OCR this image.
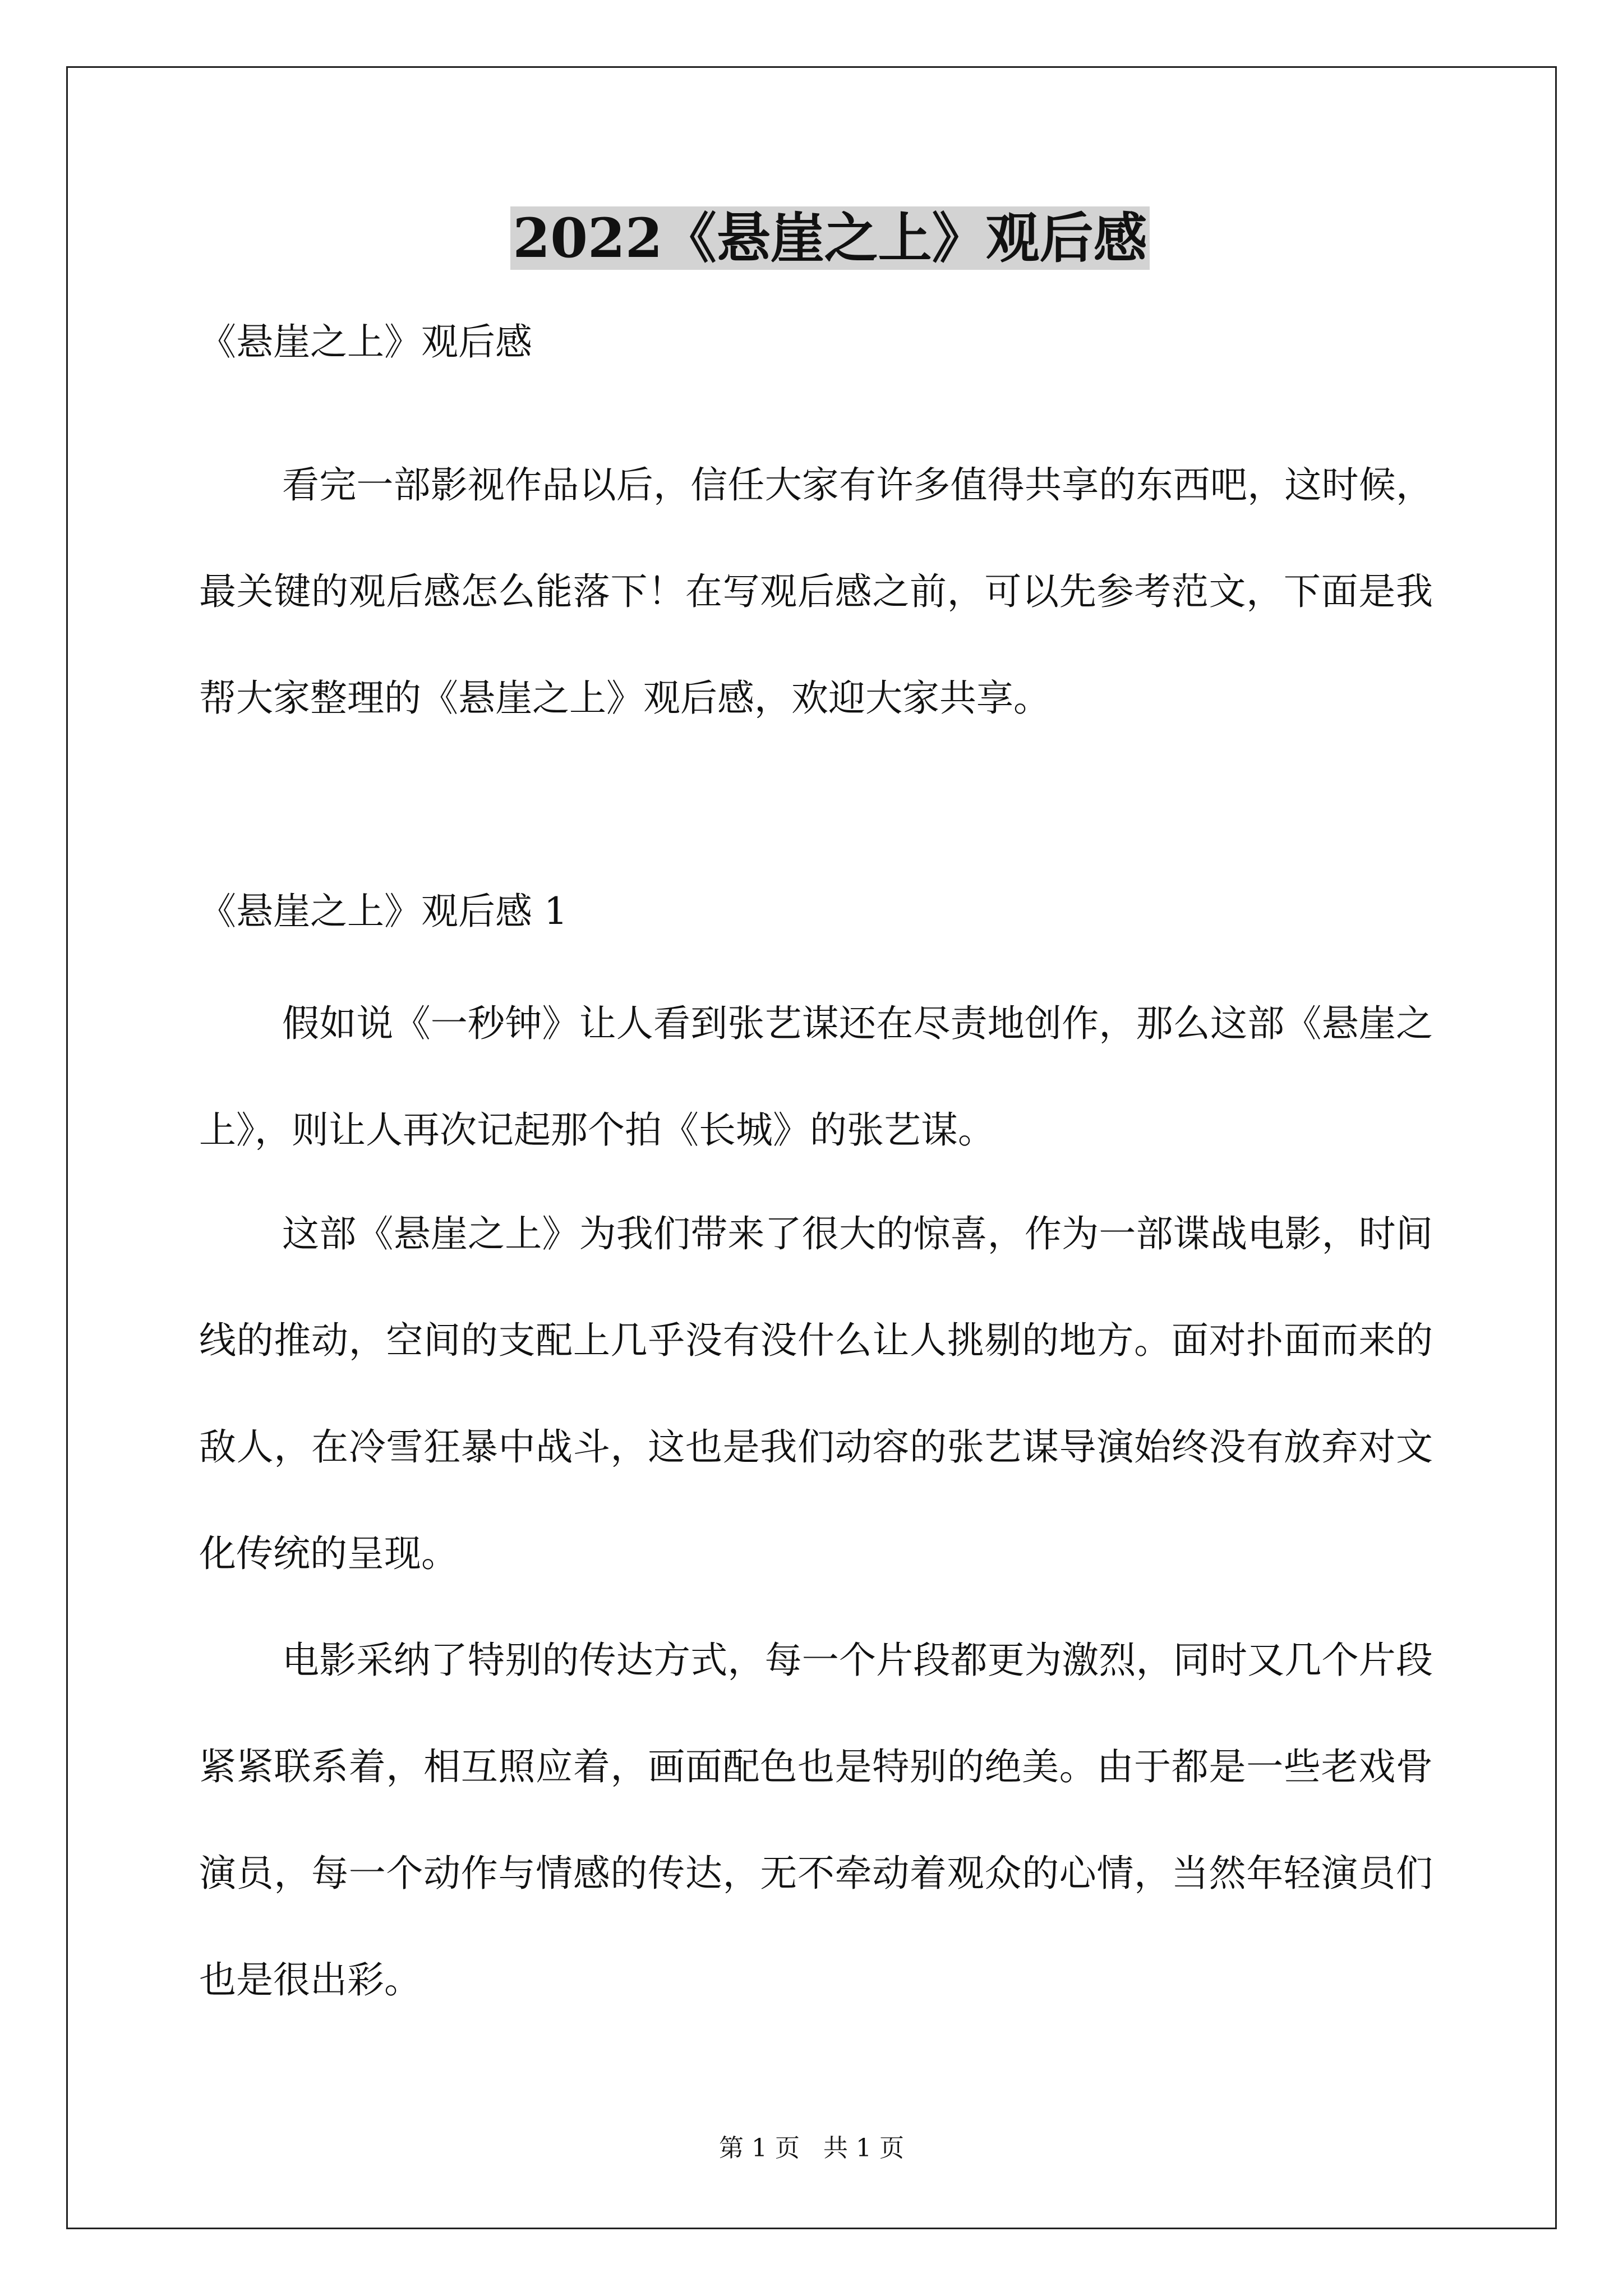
2022《悬崖之上》观后感

《悬崖之上》观后感

看完一部影视作品以后，信任大家有许多值得共享的东西吧，这时候，最关键的观后感怎么能落下！在写观后感之前，可以先参考范文，下面是我帮大家整理的《悬崖之上》观后感，欢迎大家共享。

《悬崖之上》观后感 1

假如说《一秒钟》让人看到张艺谋还在尽责地创作，那么这部《悬崖之上》，则让人再次记起那个拍《长城》的张艺谋。

这部《悬崖之上》为我们带来了很大的惊喜，作为一部谍战电影，时间线的推动，空间的支配上几乎没有没什么让人挑剔的地方。面对扑面而来的敌人，在冷雪狂暴中战斗，这也是我们动容的张艺谋导演始终没有放弃对文化传统的呈现。

电影采纳了特别的传达方式，每一个片段都更为激烈，同时又几个片段紧紧联系着，相互照应着，画面配色也是特别的绝美。由于都是一些老戏骨演员，每一个动作与情感的传达，无不牵动着观众的心情，当然年轻演员们也是很出彩。

第 1 页   共 1 页
